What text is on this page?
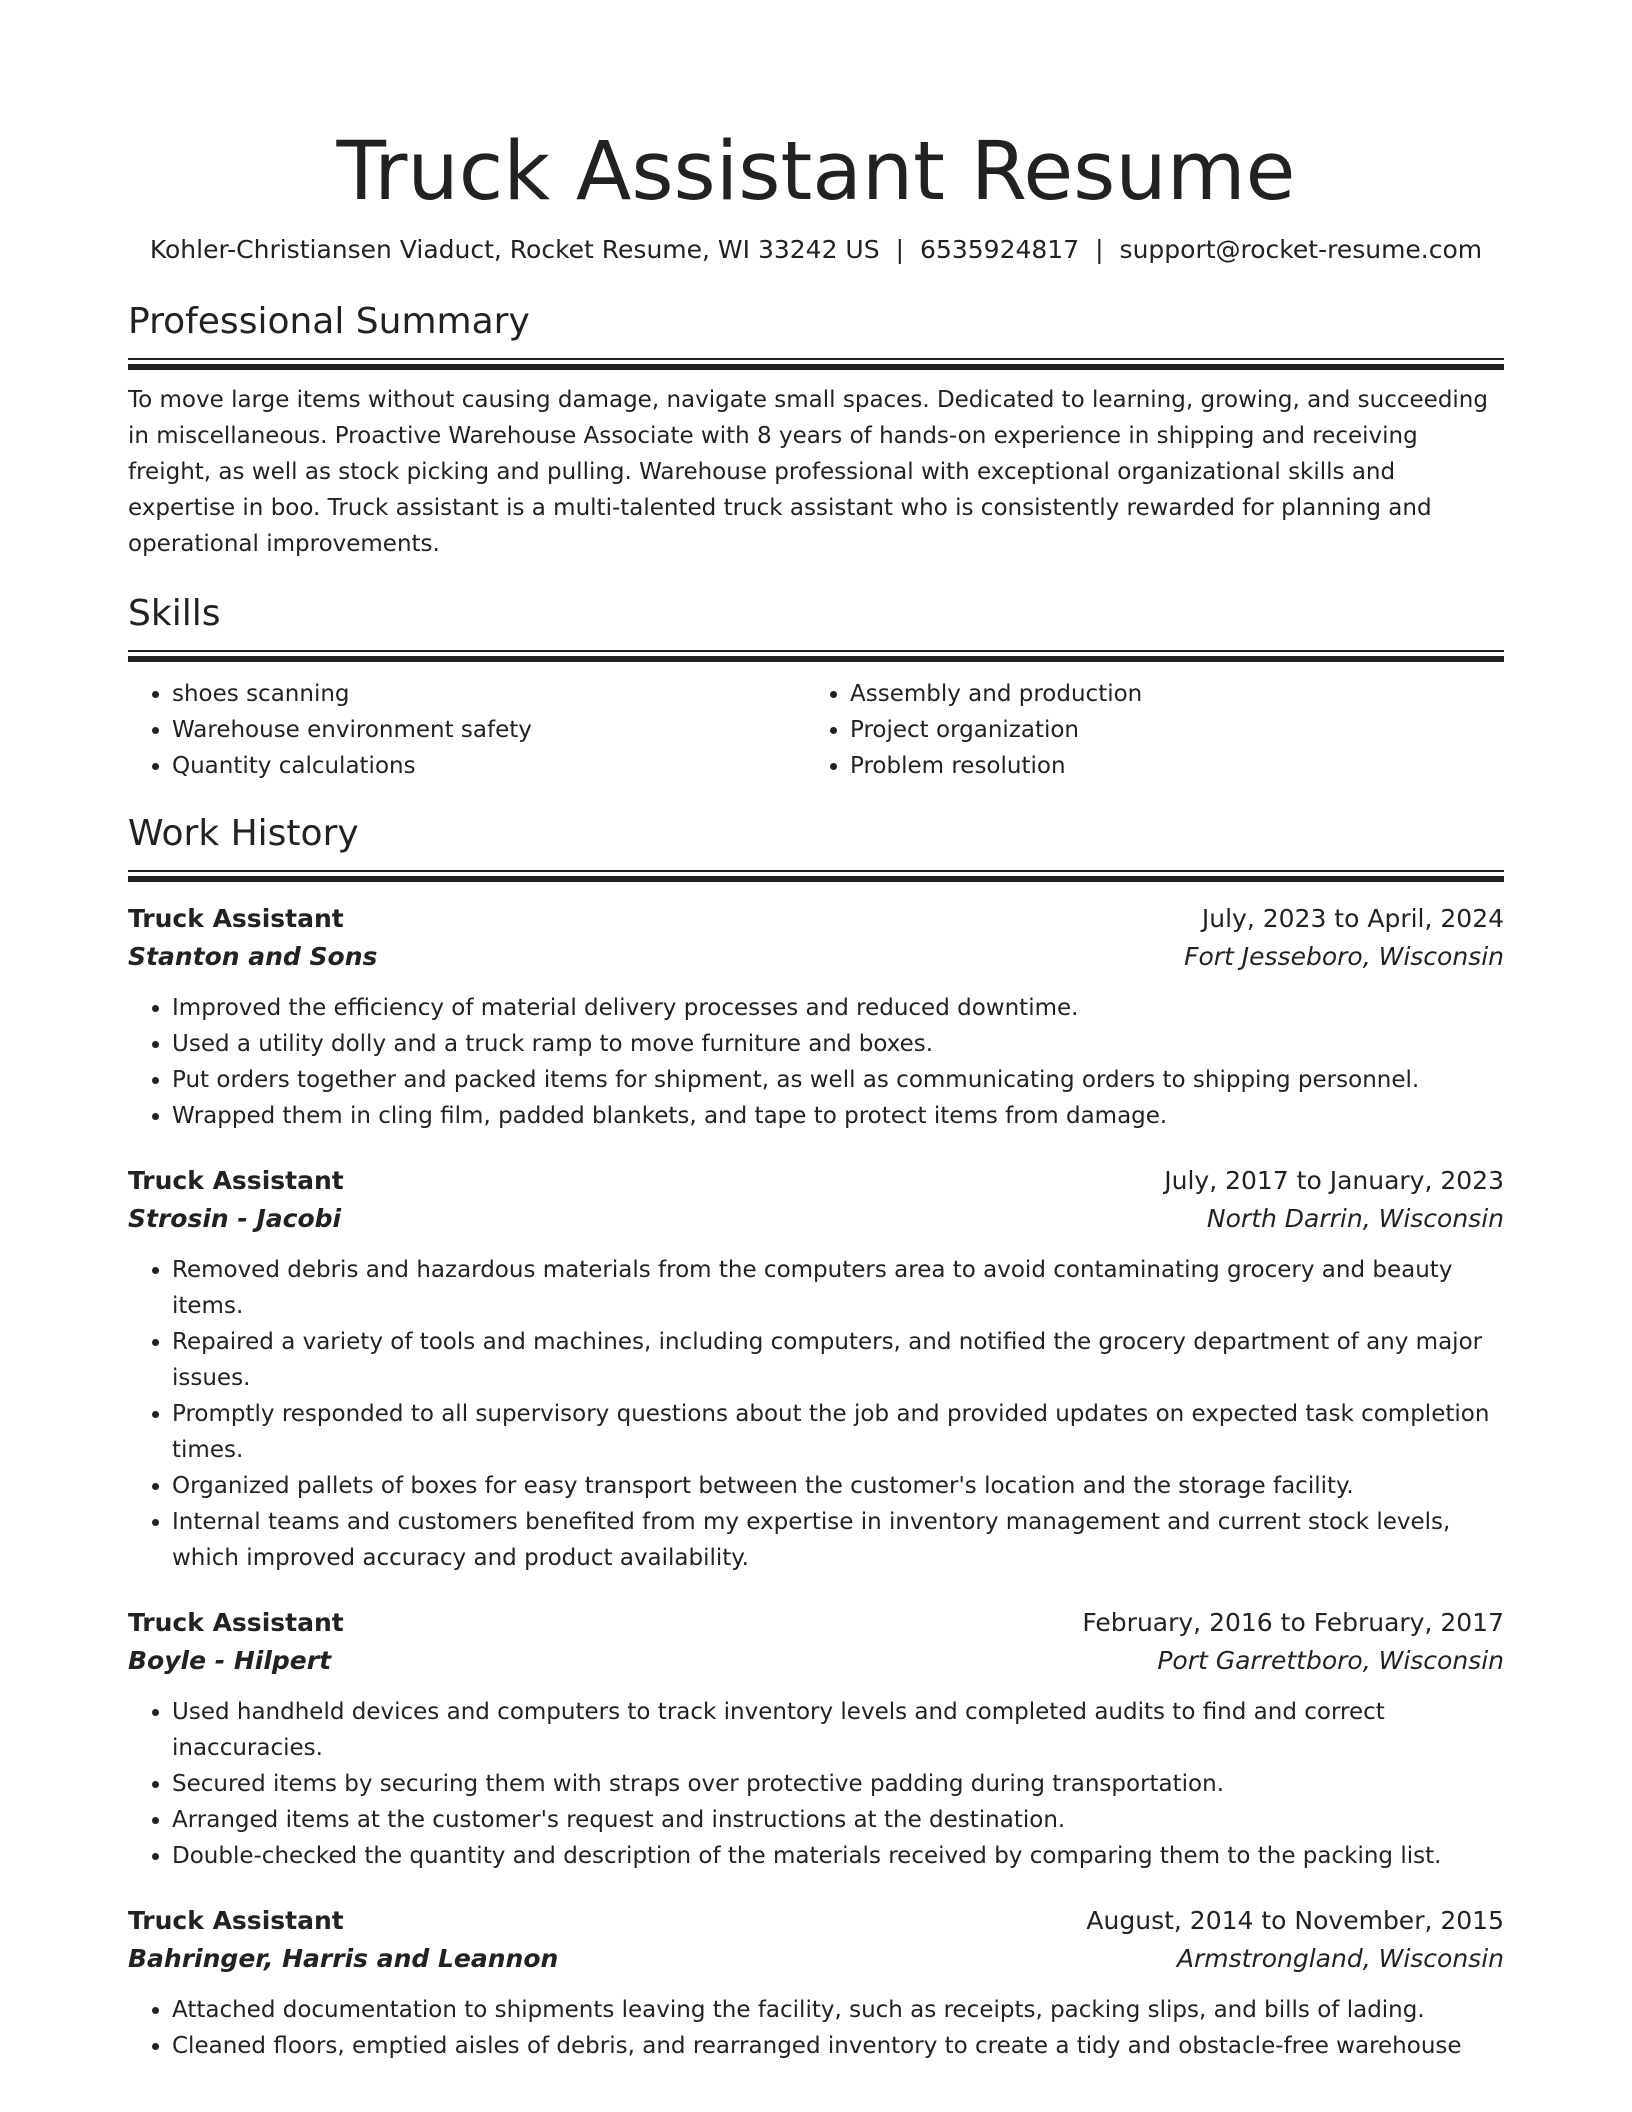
Truck Assistant Resume
Kohler-Christiansen Viaduct, Rocket Resume, WI 33242 US | 6535924817 | support@rocket-resume.com
Professional Summary
To move large items without causing damage, navigate small spaces. Dedicated to learning, growing, and succeeding in miscellaneous. Proactive Warehouse Associate with 8 years of hands-on experience in shipping and receiving freight, as well as stock picking and pulling. Warehouse professional with exceptional organizational skills and expertise in boo. Truck assistant is a multi-talented truck assistant who is consistently rewarded for planning and operational improvements.
Skills
• shoes scanning
• Warehouse environment safety
• Quantity calculations
• Assembly and production
• Project organization
• Problem resolution
Work History
Truck Assistant	July, 2023 to April, 2024
Stanton and Sons	Fort Jesseboro, Wisconsin
• Improved the efficiency of material delivery processes and reduced downtime.
• Used a utility dolly and a truck ramp to move furniture and boxes.
• Put orders together and packed items for shipment, as well as communicating orders to shipping personnel.
• Wrapped them in cling film, padded blankets, and tape to protect items from damage.
Truck Assistant	July, 2017 to January, 2023
Strosin - Jacobi	North Darrin, Wisconsin
• Removed debris and hazardous materials from the computers area to avoid contaminating grocery and beauty items.
• Repaired a variety of tools and machines, including computers, and notified the grocery department of any major issues.
• Promptly responded to all supervisory questions about the job and provided updates on expected task completion times.
• Organized pallets of boxes for easy transport between the customer's location and the storage facility.
• Internal teams and customers benefited from my expertise in inventory management and current stock levels, which improved accuracy and product availability.
Truck Assistant	February, 2016 to February, 2017
Boyle - Hilpert	Port Garrettboro, Wisconsin
• Used handheld devices and computers to track inventory levels and completed audits to find and correct inaccuracies.
• Secured items by securing them with straps over protective padding during transportation.
• Arranged items at the customer's request and instructions at the destination.
• Double-checked the quantity and description of the materials received by comparing them to the packing list.
Truck Assistant	August, 2014 to November, 2015
Bahringer, Harris and Leannon	Armstrongland, Wisconsin
• Attached documentation to shipments leaving the facility, such as receipts, packing slips, and bills of lading.
• Cleaned floors, emptied aisles of debris, and rearranged inventory to create a tidy and obstacle-free warehouse
